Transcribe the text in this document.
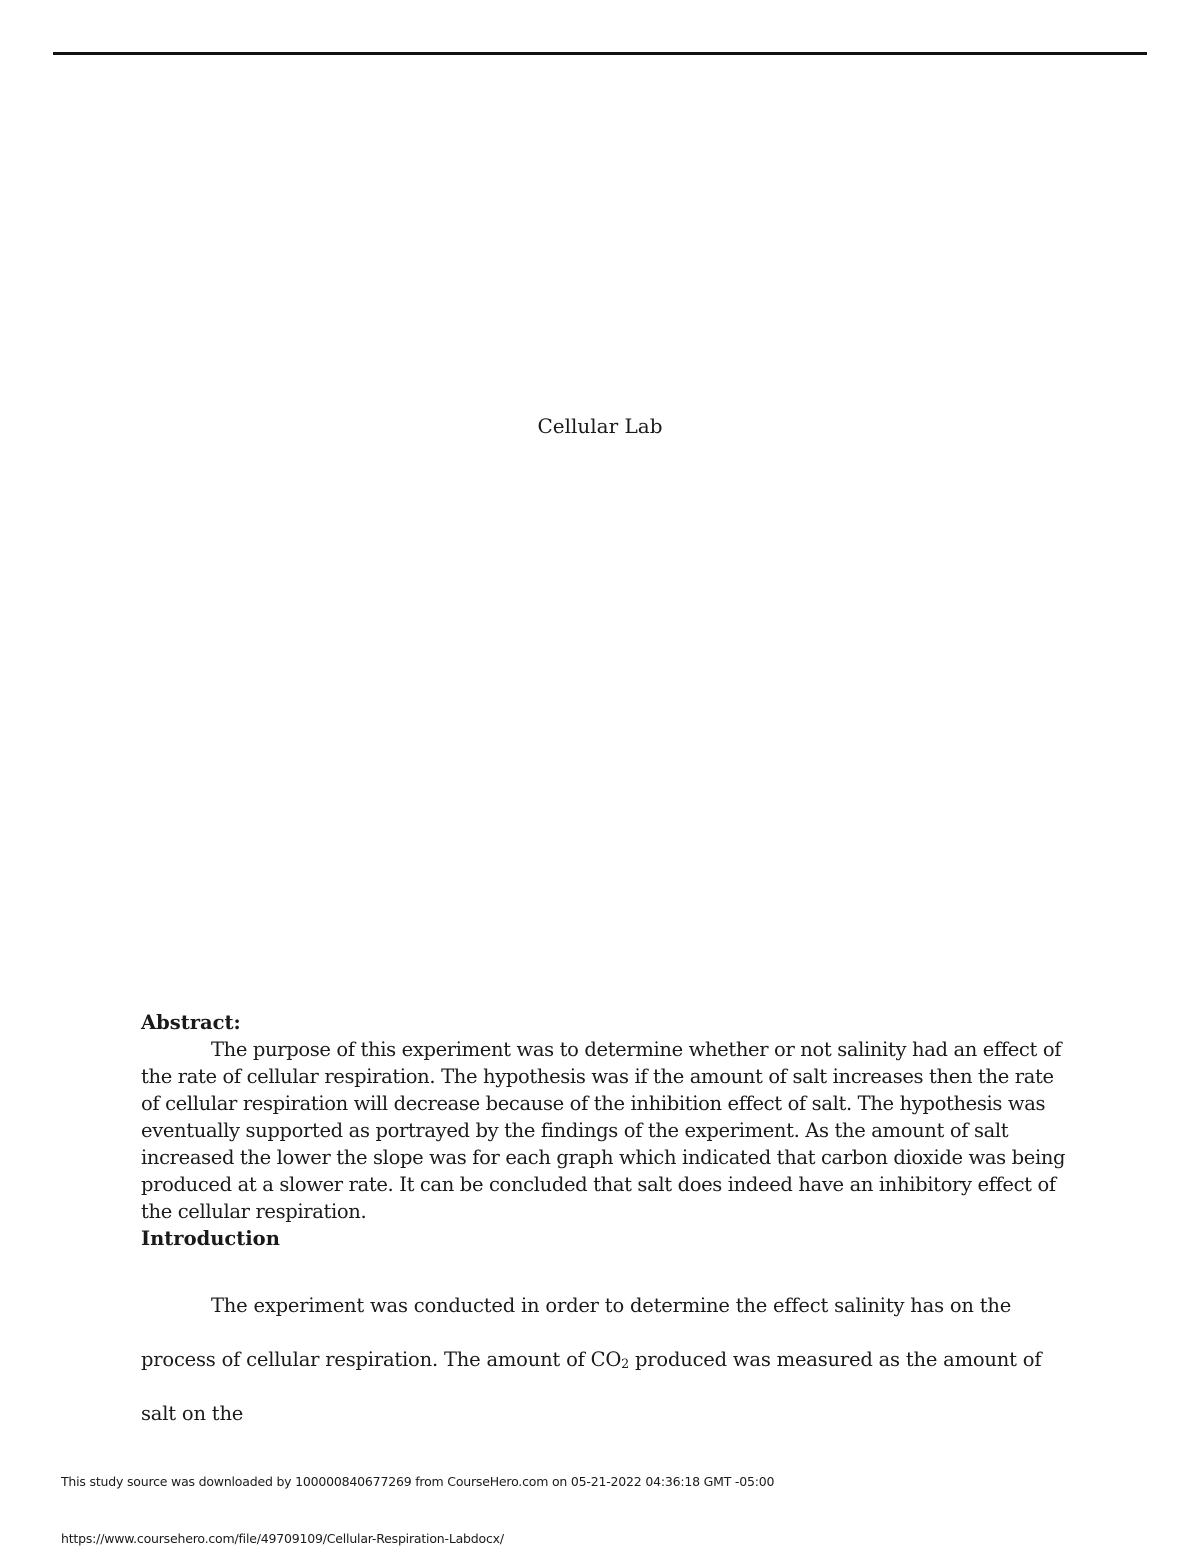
Cellular Lab

Abstract:

The purpose of this experiment was to determine whether or not salinity had an effect of the rate of cellular respiration. The hypothesis was if the amount of salt increases then the rate of cellular respiration will decrease because of the inhibition effect of salt. The hypothesis was eventually supported as portrayed by the findings of the experiment. As the amount of salt increased the lower the slope was for each graph which indicated that carbon dioxide was being produced at a slower rate. It can be concluded that salt does indeed have an inhibitory effect of the cellular respiration.

Introduction

The experiment was conducted in order to determine the effect salinity has on the process of cellular respiration. The amount of $CO_2$ produced was measured as the amount of salt on the

This study source was downloaded by 100000840677269 from CourseHero.com on 05-21-2022 04:36:18 GMT -05:00
https://www.coursehero.com/file/49709109/Cellular-Respiration-Labdocx/
